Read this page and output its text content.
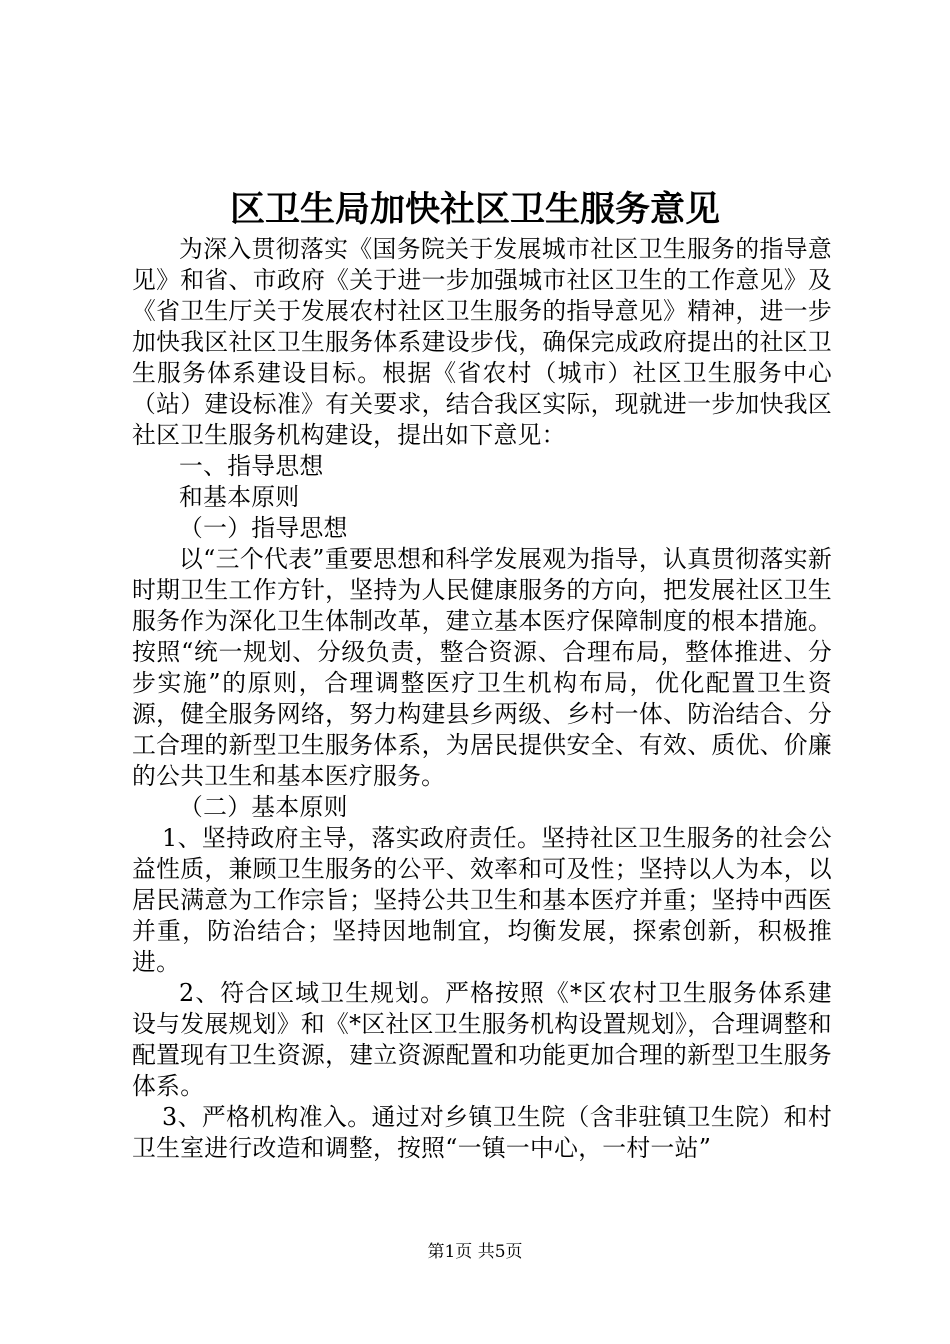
区卫生局加快社区卫生服务意见

为深入贯彻落实《国务院关于发展城市社区卫生服务的指导意见》和省、市政府《关于进一步加强城市社区卫生的工作意见》及《省卫生厅关于发展农村社区卫生服务的指导意见》精神，进一步加快我区社区卫生服务体系建设步伐，确保完成政府提出的社区卫生服务体系建设目标。根据《省农村（城市）社区卫生服务中心（站）建设标准》有关要求，结合我区实际，现就进一步加快我区社区卫生服务机构建设，提出如下意见：

一、指导思想

和基本原则

（一）指导思想

以“三个代表”重要思想和科学发展观为指导，认真贯彻落实新时期卫生工作方针，坚持为人民健康服务的方向，把发展社区卫生服务作为深化卫生体制改革，建立基本医疗保障制度的根本措施。按照“统一规划、分级负责，整合资源、合理布局，整体推进、分步实施”的原则，合理调整医疗卫生机构布局，优化配置卫生资源，健全服务网络，努力构建县乡两级、乡村一体、防治结合、分工合理的新型卫生服务体系，为居民提供安全、有效、质优、价廉的公共卫生和基本医疗服务。

（二）基本原则

1、坚持政府主导，落实政府责任。坚持社区卫生服务的社会公益性质，兼顾卫生服务的公平、效率和可及性；坚持以人为本，以居民满意为工作宗旨；坚持公共卫生和基本医疗并重；坚持中西医并重，防治结合；坚持因地制宜，均衡发展，探索创新，积极推进。

2、符合区域卫生规划。严格按照《*区农村卫生服务体系建设与发展规划》和《*区社区卫生服务机构设置规划》，合理调整和配置现有卫生资源，建立资源配置和功能更加合理的新型卫生服务体系。

3、严格机构准入。通过对乡镇卫生院（含非驻镇卫生院）和村卫生室进行改造和调整，按照“一镇一中心，一村一站”

第1页 共5页
